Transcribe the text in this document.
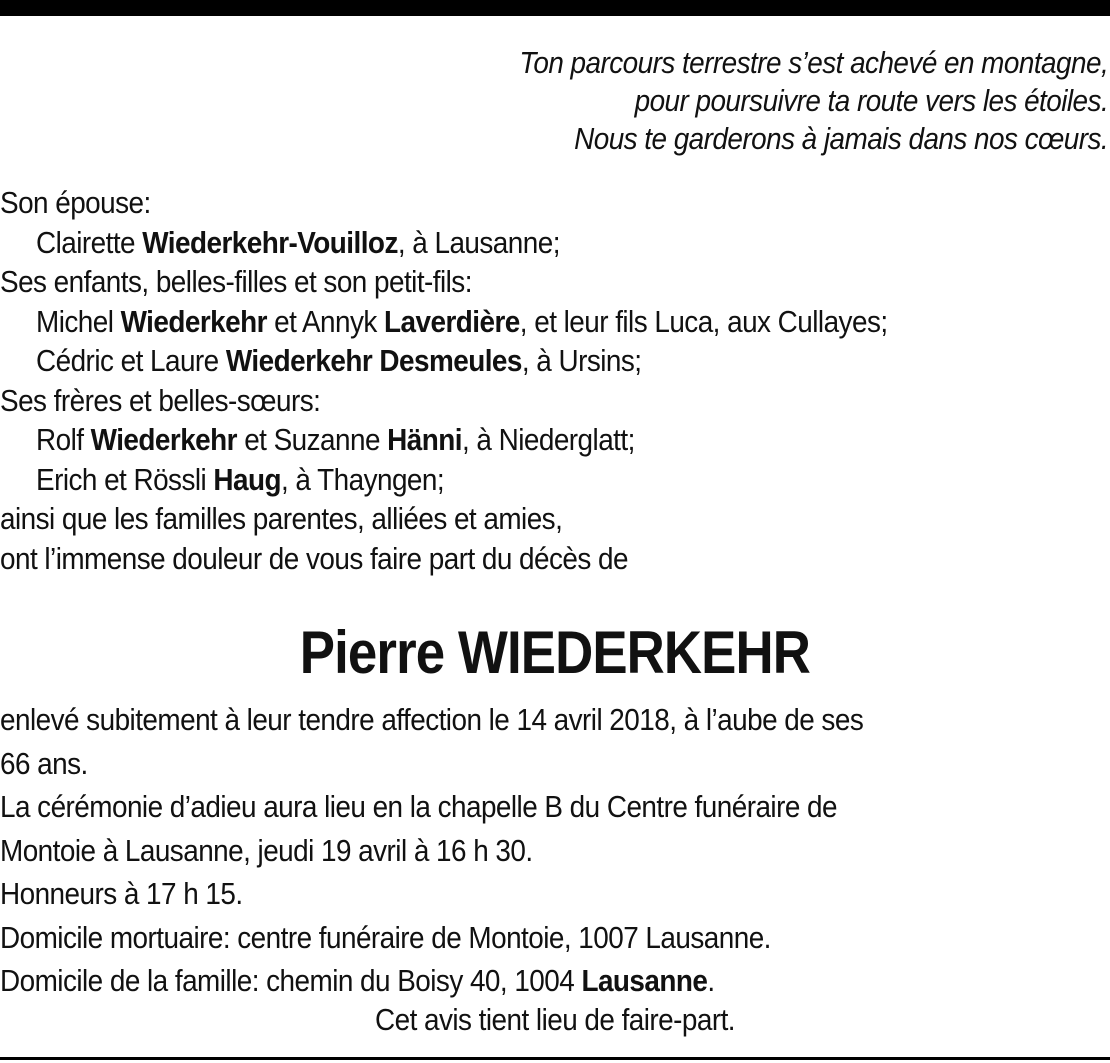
Ton parcours terrestre s’est achevé en montagne,
pour poursuivre ta route vers les étoiles.
Nous te garderons à jamais dans nos cœurs.
Son épouse:
Clairette Wiederkehr-Vouilloz, à Lausanne;
Ses enfants, belles-filles et son petit-fils:
Michel Wiederkehr et Annyk Laverdière, et leur fils Luca, aux Cullayes;
Cédric et Laure Wiederkehr Desmeules, à Ursins;
Ses frères et belles-sœurs:
Rolf Wiederkehr et Suzanne Hänni, à Niederglatt;
Erich et Rössli Haug, à Thayngen;
ainsi que les familles parentes, alliées et amies,
ont l’immense douleur de vous faire part du décès de
Pierre WIEDERKEHR
enlevé subitement à leur tendre affection le 14 avril 2018, à l’aube de ses
66 ans.
La cérémonie d’adieu aura lieu en la chapelle B du Centre funéraire de
Montoie à Lausanne, jeudi 19 avril à 16 h 30.
Honneurs à 17 h 15.
Domicile mortuaire: centre funéraire de Montoie, 1007 Lausanne.
Domicile de la famille: chemin du Boisy 40, 1004 Lausanne.
Cet avis tient lieu de faire-part.
